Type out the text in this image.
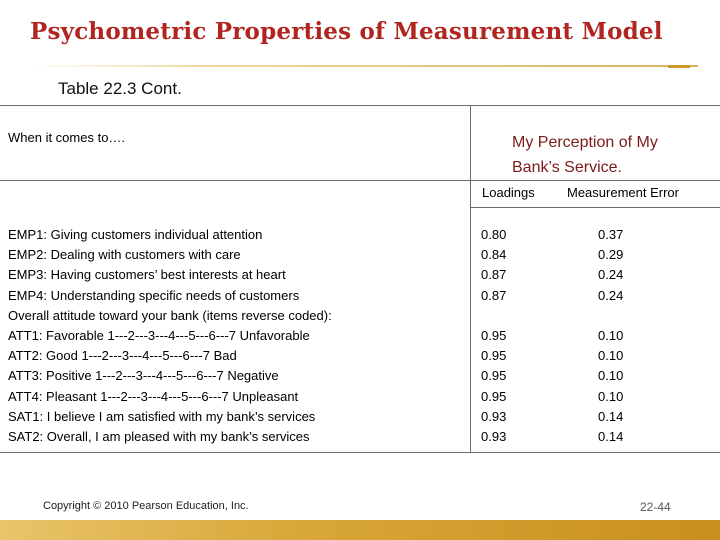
Psychometric Properties of Measurement Model
Table 22.3 Cont.
When it comes to….	My Perception of My
Bank’s Service.
Loadings Measurement Error
EMP1: Giving customers individual attention
EMP2: Dealing with customers with care
EMP3: Having customers’ best interests at heart
EMP4: Understanding specific needs of customers
Overall attitude toward your bank (items reverse coded):
ATT1: Favorable 1---2---3---4---5---6---7 Unfavorable
ATT2: Good 1---2---3---4---5---6---7 Bad
ATT3: Positive 1---2---3---4---5---6---7 Negative
ATT4: Pleasant 1---2---3---4---5---6---7 Unpleasant
SAT1: I believe I am satisfied with my bank’s services
SAT2: Overall, I am pleased with my bank’s services
0.80
0.84
0.87
0.87
0.95
0.95
0.95
0.95
0.93
0.93
0.37
0.29
0.24
0.24
0.10
0.10
0.10
0.10
0.14
0.14
Copyright © 2010 Pearson Education, Inc.	22-44
